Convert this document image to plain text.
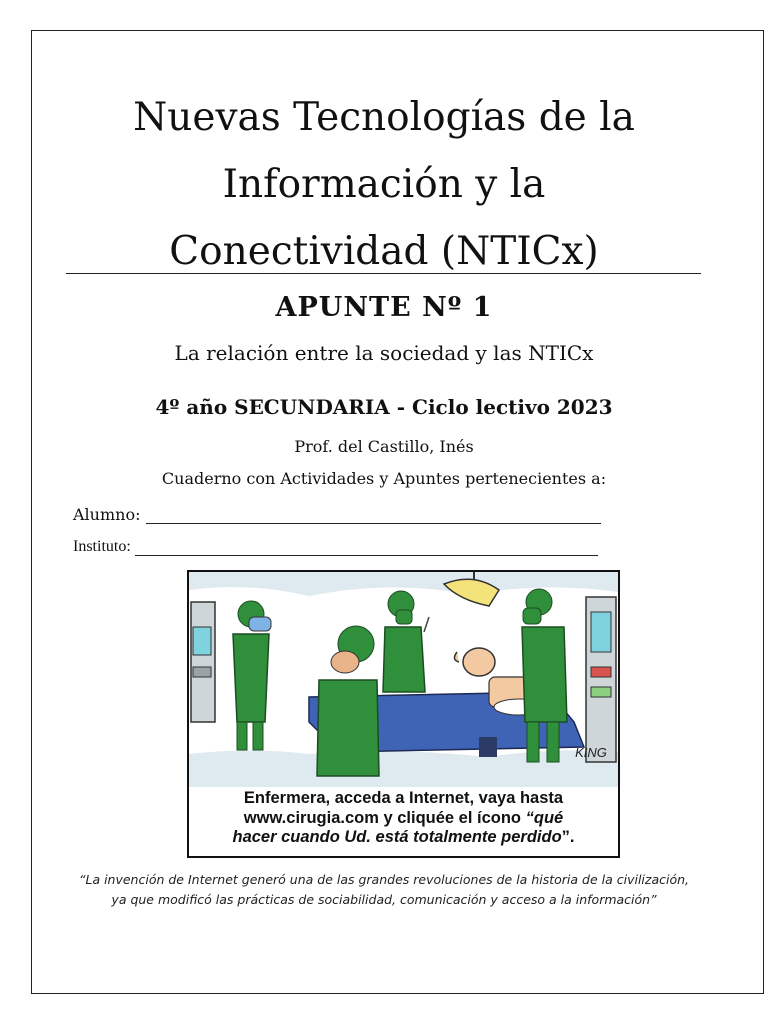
Nuevas Tecnologías de la
Información y la
Conectividad (NTICx)
APUNTE Nº 1
La relación entre la sociedad y las NTICx
4º año SECUNDARIA - Ciclo lectivo 2023
Prof. del Castillo, Inés
Cuaderno con Actividades y Apuntes pertenecientes a:
Alumno:
Instituto:
KING
Enfermera, acceda a Internet, vaya hasta
www.cirugia.com y cliquée el ícono “qué
hacer cuando Ud. está totalmente perdido”.
“La invención de Internet generó una de las grandes revoluciones de la historia de la civilización, ya que modificó las prácticas de sociabilidad, comunicación y acceso a la información”
